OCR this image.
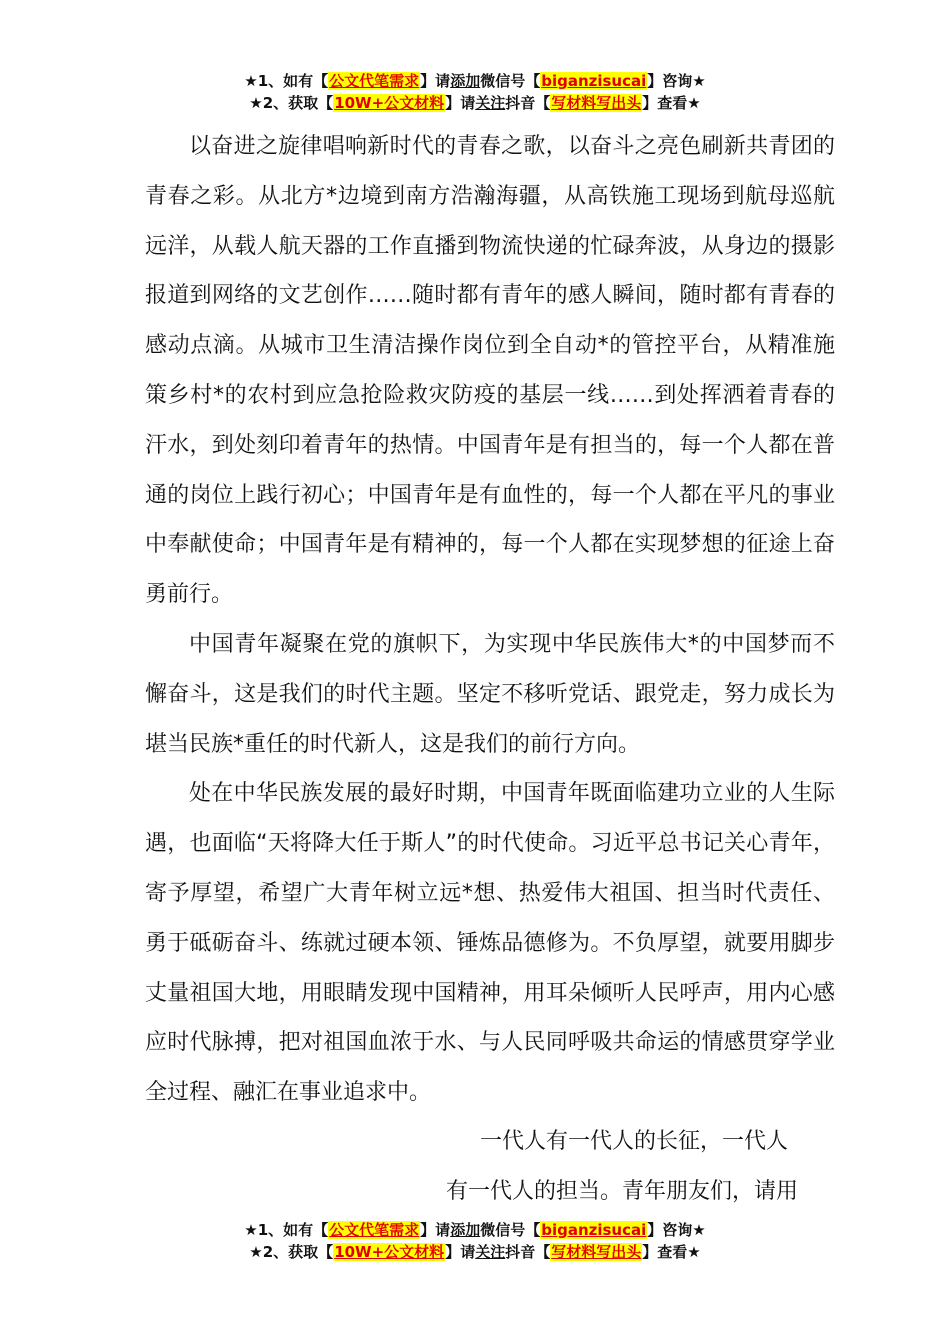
★1、如有【公文代笔需求】请添加微信号【biganzisucai】咨询★
★2、获取【10W+公文材料】请关注抖音【写材料写出头】查看★

以奋进之旋律唱响新时代的青春之歌，以奋斗之亮色刷新共青团的青春之彩。从北方*边境到南方浩瀚海疆，从高铁施工现场到航母巡航远洋，从载人航天器的工作直播到物流快递的忙碌奔波，从身边的摄影报道到网络的文艺创作……随时都有青年的感人瞬间，随时都有青春的感动点滴。从城市卫生清洁操作岗位到全自动*的管控平台，从精准施策乡村*的农村到应急抢险救灾防疫的基层一线……到处挥洒着青春的汗水，到处刻印着青年的热情。中国青年是有担当的，每一个人都在普通的岗位上践行初心；中国青年是有血性的，每一个人都在平凡的事业中奉献使命；中国青年是有精神的，每一个人都在实现梦想的征途上奋勇前行。

中国青年凝聚在党的旗帜下，为实现中华民族伟大*的中国梦而不懈奋斗，这是我们的时代主题。坚定不移听党话、跟党走，努力成长为堪当民族*重任的时代新人，这是我们的前行方向。

处在中华民族发展的最好时期，中国青年既面临建功立业的人生际遇，也面临“天将降大任于斯人”的时代使命。习近平总书记关心青年，寄予厚望，希望广大青年树立远*想、热爱伟大祖国、担当时代责任、勇于砥砺奋斗、练就过硬本领、锤炼品德修为。不负厚望，就要用脚步丈量祖国大地，用眼睛发现中国精神，用耳朵倾听人民呼声，用内心感应时代脉搏，把对祖国血浓于水、与人民同呼吸共命运的情感贯穿学业全过程、融汇在事业追求中。

一代人有一代人的长征，一代人
有一代人的担当。青年朋友们，请用
★1、如有【公文代笔需求】请添加微信号【biganzisucai】咨询★
★2、获取【10W+公文材料】请关注抖音【写材料写出头】查看★
